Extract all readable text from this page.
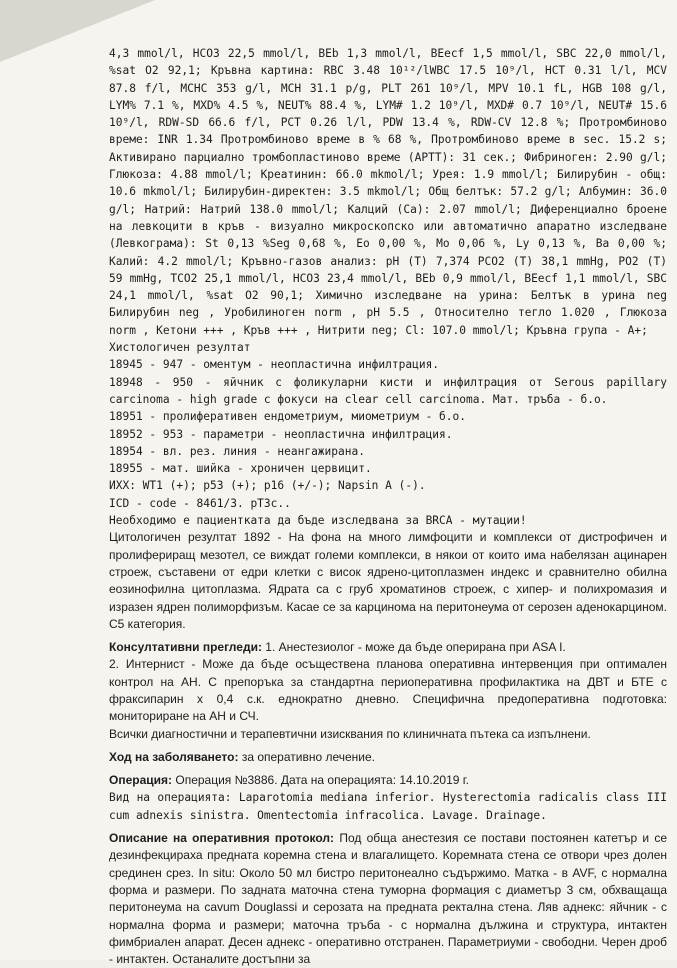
4,3 mmol/l, HCO3 22,5 mmol/l, BEb 1,3 mmol/l, BEecf 1,5 mmol/l, SBC 22,0 mmol/l, %sat O2 92,1; Кръвна картина: RBC 3.48 10¹²/lWBC 17.5 10⁹/l, HCT 0.31 l/l, MCV 87.8 f/l, MCHC 353 g/l, MCH 31.1 p/g, PLT 261 10⁹/l, MPV 10.1 fL, HGB 108 g/l, LYM% 7.1 %, MXD% 4.5 %, NEUT% 88.4 %, LYM# 1.2 10⁹/l, MXD# 0.7 10⁹/l, NEUT# 15.6 10⁹/l, RDW-SD 66.6 f/l, PCT 0.26 l/l, PDW 13.4 %, RDW-CV 12.8 %; Протромбиново време: INR 1.34 Протромбиново време в % 68 %, Протромбиново време в sec. 15.2 s; Активирано парциално тромбопластиново време (APTT): 31 сек.; Фибриноген: 2.90 g/l; Глюкоза: 4.88 mmol/l; Креатинин: 66.0 mkmol/l; Урея: 1.9 mmol/l; Билирубин - общ: 10.6 mkmol/l; Билирубин-директен: 3.5 mkmol/l; Общ белтък: 57.2 g/l; Албумин: 36.0 g/l; Натрий: Натрий 138.0 mmol/l; Калций (Ca): 2.07 mmol/l; Диференциално броене на левкоцити в кръв - визуално микроскопско или автоматично апаратно изследване (Левкограма): St 0,13 %Seg 0,68 %, Eo 0,00 %, Mo 0,06 %, Ly 0,13 %, Ba 0,00 %; Калий: 4.2 mmol/l; Кръвно-газов анализ: pH (T) 7,374 PCO2 (T) 38,1 mmHg, PO2 (T) 59 mmHg, TCO2 25,1 mmol/l, HCO3 23,4 mmol/l, BEb 0,9 mmol/l, BEecf 1,1 mmol/l, SBC 24,1 mmol/l, %sat O2 90,1; Химично изследване на урина: Белтък в урина neg Билирубин neg , Уробилиноген norm , pH 5.5 , Относително тегло 1.020 , Глюкоза norm , Кетони +++ , Кръв +++ , Нитрити neg; Cl: 107.0 mmol/l; Кръвна група - А+;

Хистологичен резултат

18945 - 947 - оментум - неопластична инфилтрация.

18948 - 950 - яйчник с фоликуларни кисти и инфилтрация от Serous papillary carcinoma - high grade с фокуси на clear cell carcinoma. Мат. тръба - б.о.

18951 - пролиферативен ендометриум, миометриум - б.о.

18952 - 953 - параметри - неопластична инфилтрация.

18954 - вл. рез. линия - неангажирана.

18955 - мат. шийка - хроничен цервицит.

ИХХ: WT1 (+); p53 (+); p16 (+/-); Napsin A (-).

ICD - code - 8461/3. pT3c..

Необходимо е пациентката да бъде изследвана за BRCA - мутации!

Цитологичен резултат 1892 - На фона на много лимфоцити и комплекси от дистрофичен и пролифериращ мезотел, се виждат големи комплекси, в някои от които има набелязан ацинарен строеж, съставени от едри клетки с висок ядрено-цитоплазмен индекс и сравнително обилна еозинофилна цитоплазма. Ядрата са с груб хроматинов строеж, с хипер- и полихромазия и изразен ядрен полиморфизъм. Касае се за карцинома на перитонеума от серозен аденокарцином. C5 категория.

Консултативни прегледи: 1. Анестезиолог - може да бъде оперирана при ASA I.

2. Интернист - Може да бъде осъществена планова оперативна интервенция при оптимален контрол на АН. С препоръка за стандартна периоперативна профилактика на ДВТ и БТЕ с фраксипарин х 0,4 с.к. еднократно дневно. Специфична предоперативна подготовка: мониториране на АН и СЧ.

Всички диагностични и терапевтични изисквания по клиничната пътека са изпълнени.

Ход на заболяването: за оперативно лечение.

Операция: Операция №3886. Дата на операцията: 14.10.2019 г.

Вид на операцията: Laparotomia mediana inferior. Hysterectomia radicalis class III cum adnexis sinistra. Omentectomia infracolica. Lavage. Drainage.

Описание на оперативния протокол: Под обща анестезия се постави постоянен катетър и се дезинфекцираха предната коремна стена и влагалището. Коремната стена се отвори чрез долен срединен срез. In situ: Около 50 мл бистро перитонеално съдържимо. Матка - в AVF, с нормална форма и размери. По задната маточна стена туморна формация с диаметър 3 см, обхващаща перитонеума на cavum Douglassi и серозата на предната ректална стена. Ляв аднекс: яйчник - с нормална форма и размери; маточна тръба - с нормална дължина и структура, интактен фимбриален апарат. Десен аднекс - оперативно отстранен. Параметриуми - свободни. Черен дроб - интактен. Останалите достъпни за
